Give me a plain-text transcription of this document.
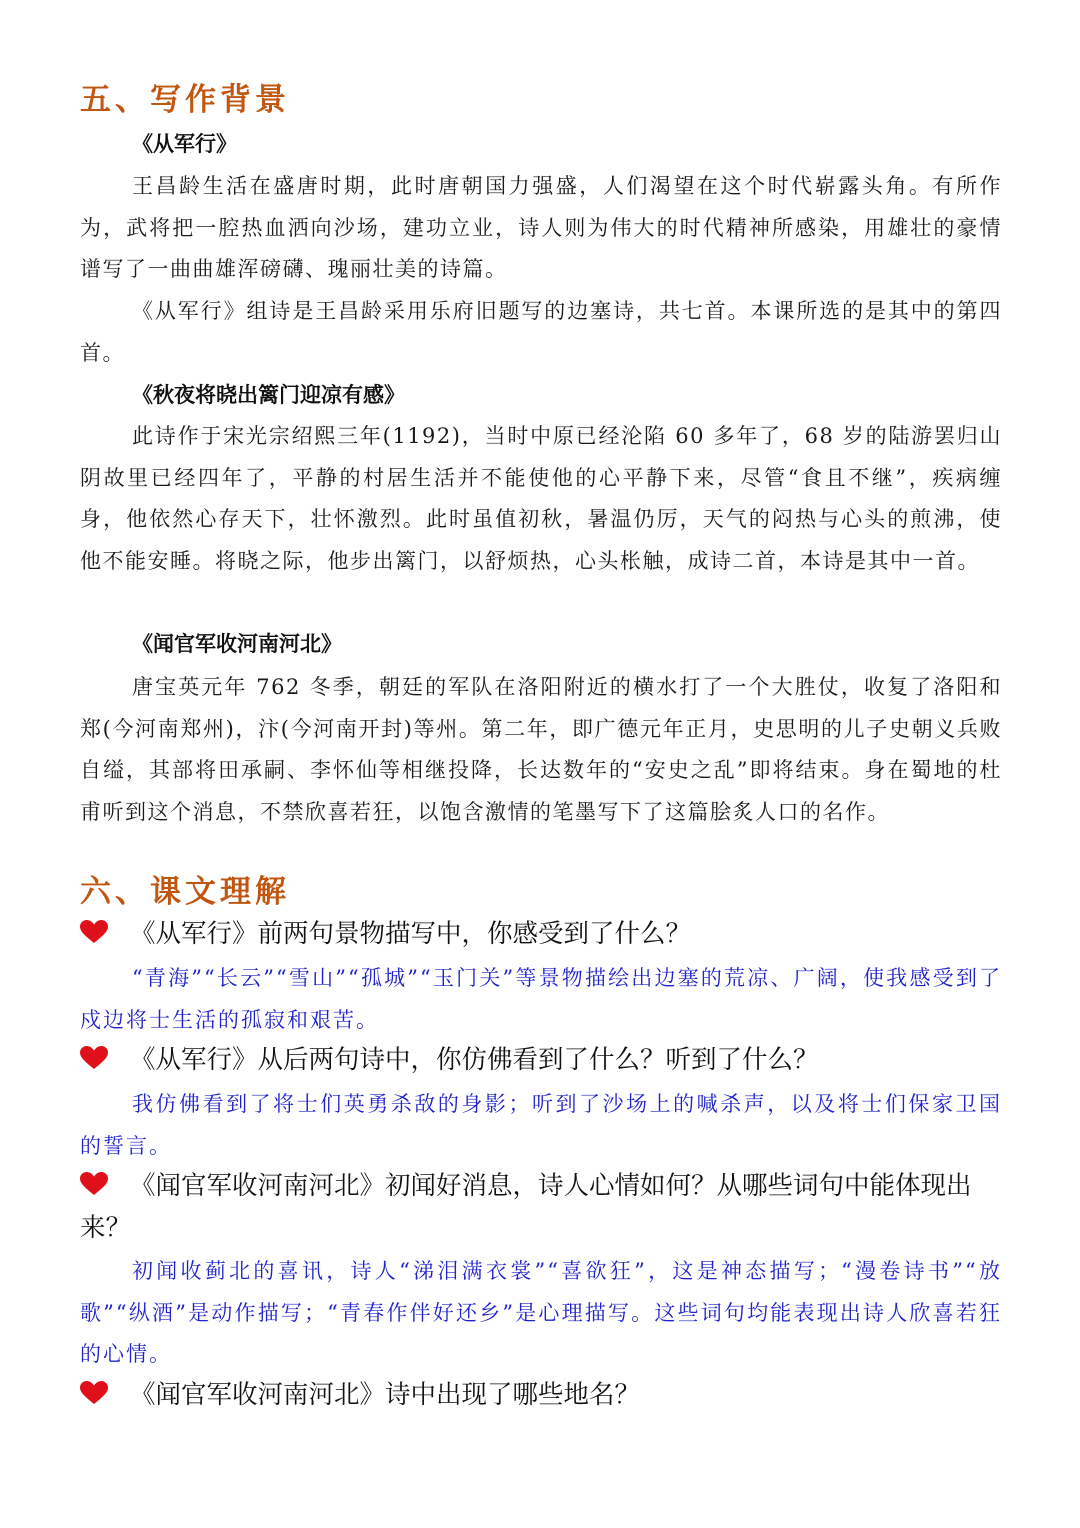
五、写作背景
《从军行》

王昌龄生活在盛唐时期，此时唐朝国力强盛，人们渴望在这个时代崭露头角。有所作为，武将把一腔热血洒向沙场，建功立业，诗人则为伟大的时代精神所感染，用雄壮的豪情谱写了一曲曲雄浑磅礴、瑰丽壮美的诗篇。

《从军行》组诗是王昌龄采用乐府旧题写的边塞诗，共七首。本课所选的是其中的第四首。

《秋夜将晓出篱门迎凉有感》

此诗作于宋光宗绍熙三年(1192)，当时中原已经沦陷 60 多年了，68 岁的陆游罢归山阴故里已经四年了，平静的村居生活并不能使他的心平静下来，尽管“食且不继”，疾病缠身，他依然心存天下，壮怀激烈。此时虽值初秋，暑温仍厉，天气的闷热与心头的煎沸，使他不能安睡。将晓之际，他步出篱门，以舒烦热，心头枨触，成诗二首，本诗是其中一首。

《闻官军收河南河北》

唐宝英元年 762 冬季，朝廷的军队在洛阳附近的横水打了一个大胜仗，收复了洛阳和郑(今河南郑州)，汴(今河南开封)等州。第二年，即广德元年正月，史思明的儿子史朝义兵败自缢，其部将田承嗣、李怀仙等相继投降，长达数年的“安史之乱”即将结束。身在蜀地的杜甫听到这个消息，不禁欣喜若狂，以饱含激情的笔墨写下了这篇脍炙人口的名作。

六、课文理解

《从军行》前两句景物描写中，你感受到了什么？

“青海”“长云”“雪山”“孤城”“玉门关”等景物描绘出边塞的荒凉、广阔，使我感受到了戍边将士生活的孤寂和艰苦。

《从军行》从后两句诗中，你仿佛看到了什么？听到了什么？

我仿佛看到了将士们英勇杀敌的身影；听到了沙场上的喊杀声，以及将士们保家卫国的誓言。

《闻官军收河南河北》初闻好消息，诗人心情如何？从哪些词句中能体现出来？

初闻收蓟北的喜讯，诗人“涕泪满衣裳”“喜欲狂”，这是神态描写；“漫卷诗书”“放歌”“纵酒”是动作描写；“青春作伴好还乡”是心理描写。这些词句均能表现出诗人欣喜若狂的心情。

《闻官军收河南河北》诗中出现了哪些地名？
